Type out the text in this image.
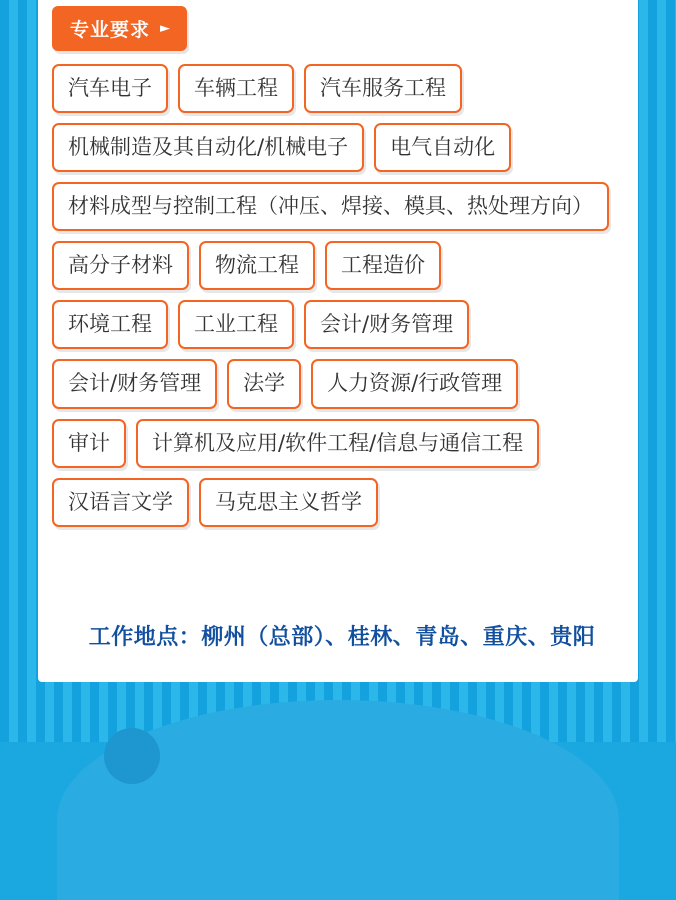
专业要求 ►
汽车电子	车辆工程	汽车服务工程
机械制造及其自动化/机械电子	电气自动化
材料成型与控制工程（冲压、焊接、模具、热处理方向）
高分子材料	物流工程	工程造价
环境工程	工业工程	会计/财务管理
会计/财务管理	法学	人力资源/行政管理
审计	计算机及应用/软件工程/信息与通信工程
汉语言文学	马克思主义哲学
工作地点：柳州（总部）、桂林、青岛、重庆、贵阳
